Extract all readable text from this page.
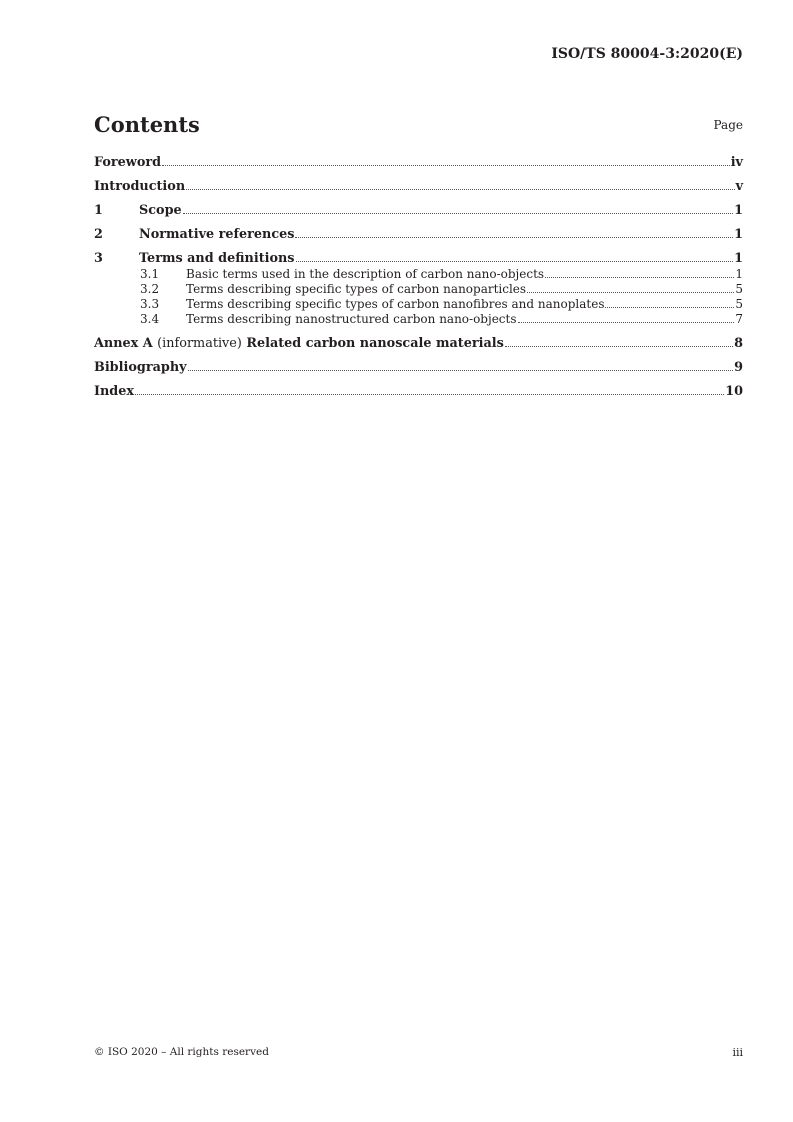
ISO/TS 80004-3:2020(E)
Contents	Page
Foreword	iv
Introduction	v
1	Scope	1
2	Normative references	1
3	Terms and definitions	1
3.1	Basic terms used in the description of carbon nano-objects	1
3.2	Terms describing specific types of carbon nanoparticles	5
3.3	Terms describing specific types of carbon nanofibres and nanoplates	5
3.4	Terms describing nanostructured carbon nano-objects	7
Annex A (informative) Related carbon nanoscale materials	8
Bibliography	9
Index	10
© ISO 2020 – All rights reserved	iii
